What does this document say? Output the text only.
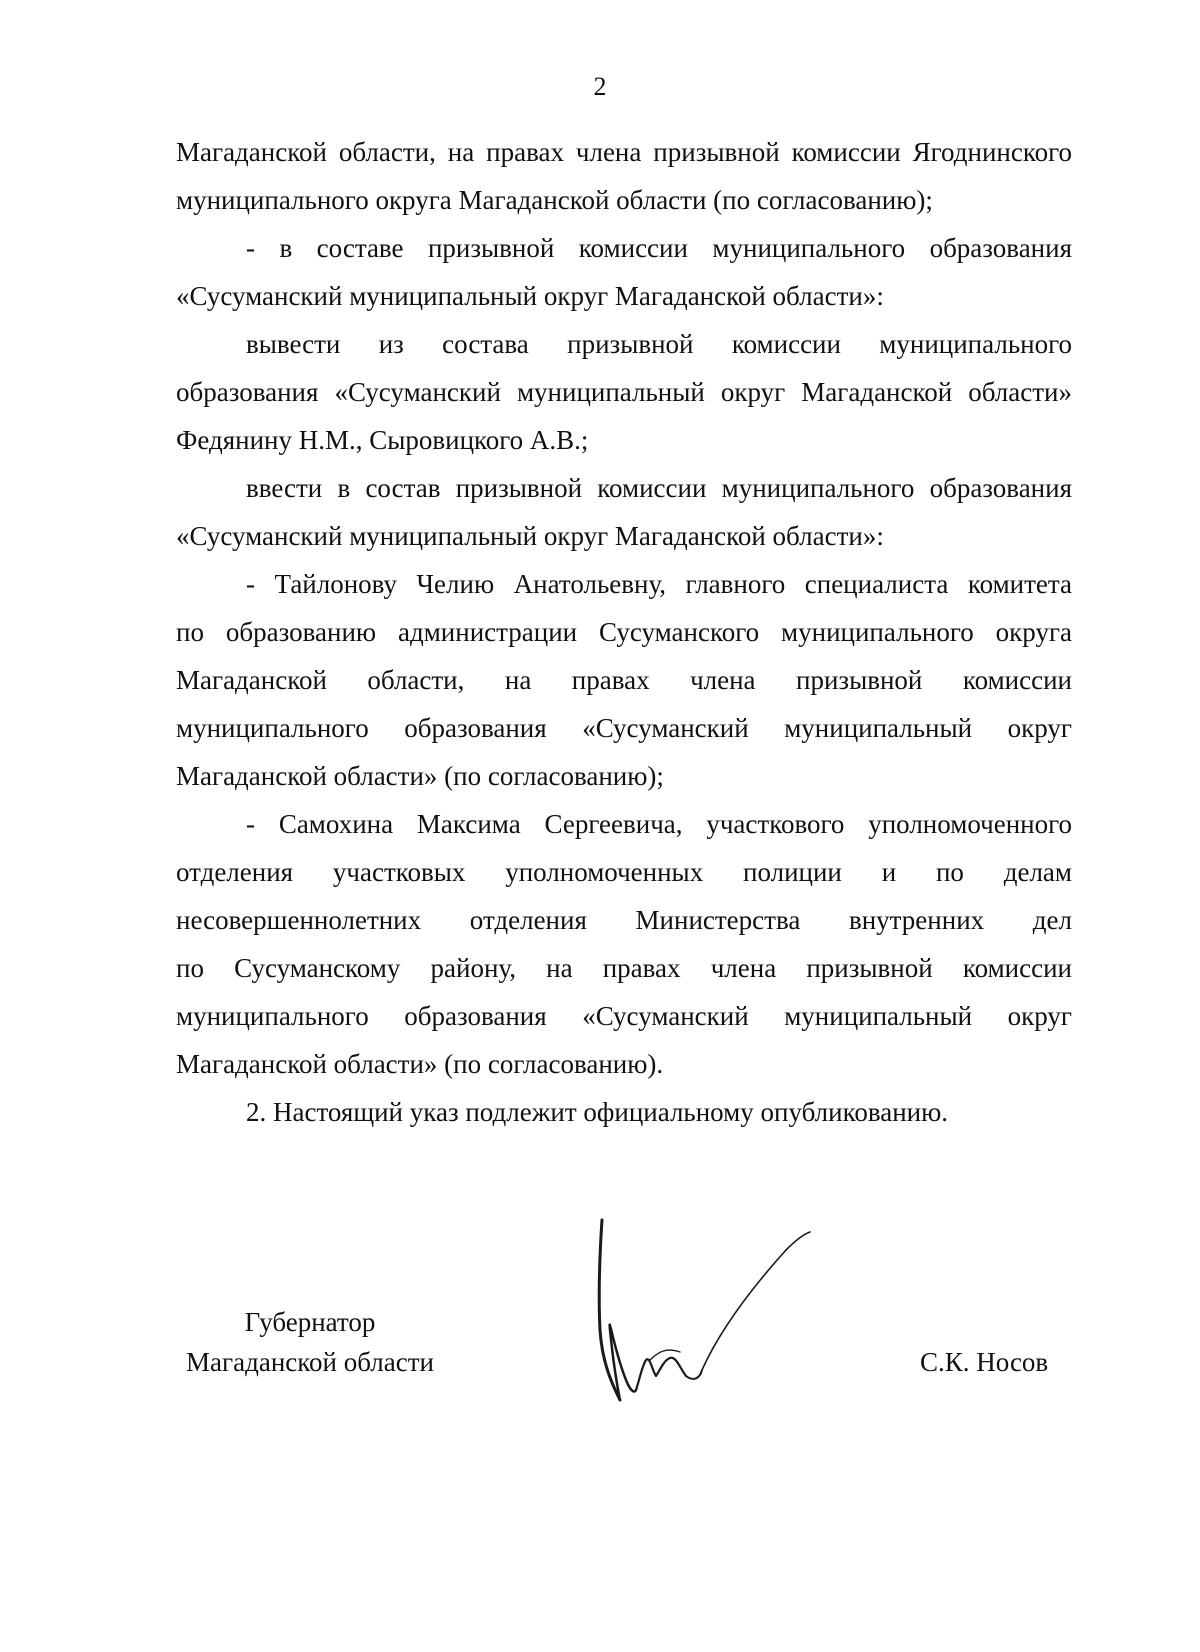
2
Магаданской области, на правах члена призывной комиссии Ягоднинского
муниципального округа Магаданской области (по согласованию);
- в составе призывной комиссии муниципального образования
«Сусуманский муниципальный округ Магаданской области»:
вывести из состава призывной комиссии муниципального
образования «Сусуманский муниципальный округ Магаданской области»
Федянину Н.М., Сыровицкого А.В.;
ввести в состав призывной комиссии муниципального образования
«Сусуманский муниципальный округ Магаданской области»:
- Тайлонову Челию Анатольевну, главного специалиста комитета
по образованию администрации Сусуманского муниципального округа
Магаданской области, на правах члена призывной комиссии
муниципального образования «Сусуманский муниципальный округ
Магаданской области» (по согласованию);
- Самохина Максима Сергеевича, участкового уполномоченного
отделения участковых уполномоченных полиции и по делам
несовершеннолетних отделения Министерства внутренних дел
по Сусуманскому району, на правах члена призывной комиссии
муниципального образования «Сусуманский муниципальный округ
Магаданской области» (по согласованию).
2. Настоящий указ подлежит официальному опубликованию.
Губернатор
Магаданской области	С.К. Носов
